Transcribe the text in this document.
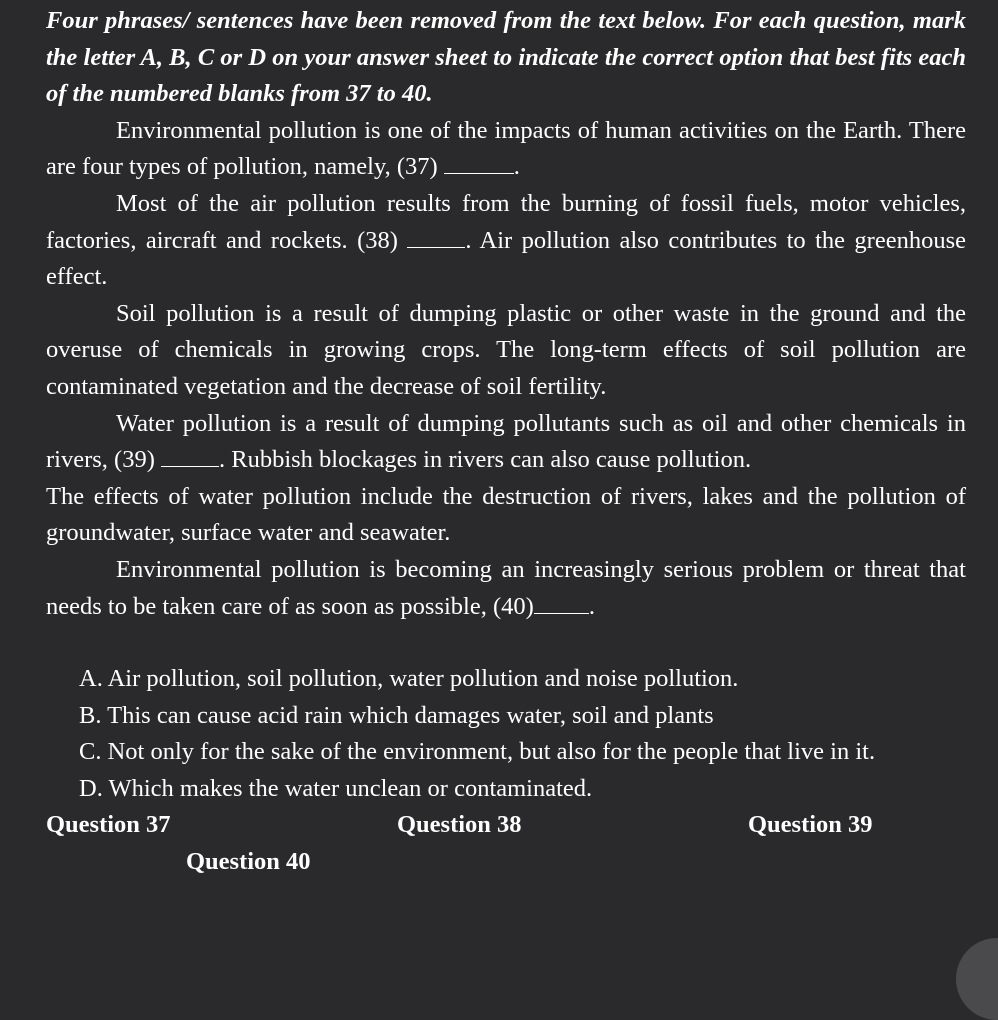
Four phrases/ sentences have been removed from the text below. For each question, mark the letter A, B, C or D on your answer sheet to indicate the correct option that best fits each of the numbered blanks from 37 to 40.

Environmental pollution is one of the impacts of human activities on the Earth. There are four types of pollution, namely, (37)	.

Most of the air pollution results from the burning of fossil fuels, motor vehicles, factories, aircraft and rockets. (38) . Air pollution also contributes to the greenhouse effect.

Soil pollution is a result of dumping plastic or other waste in the ground and the overuse of chemicals in growing crops. The long-term effects of soil pollution are contaminated vegetation and the decrease of soil fertility.

Water pollution is a result of dumping pollutants such as oil and other chemicals in rivers, (39) . Rubbish blockages in rivers can also cause pollution.

The effects of water pollution include the destruction of rivers, lakes and the pollution of groundwater, surface water and seawater.

Environmental pollution is becoming an increasingly serious problem or threat that needs to be taken care of as soon as possible, (40) .

A. Air pollution, soil pollution, water pollution and noise pollution.

B. This can cause acid rain which damages water, soil and plants

C. Not only for the sake of the environment, but also for the people that live in it.

D. Which makes the water unclean or contaminated.

Question 37	Question 38	Question 39

Question 40
